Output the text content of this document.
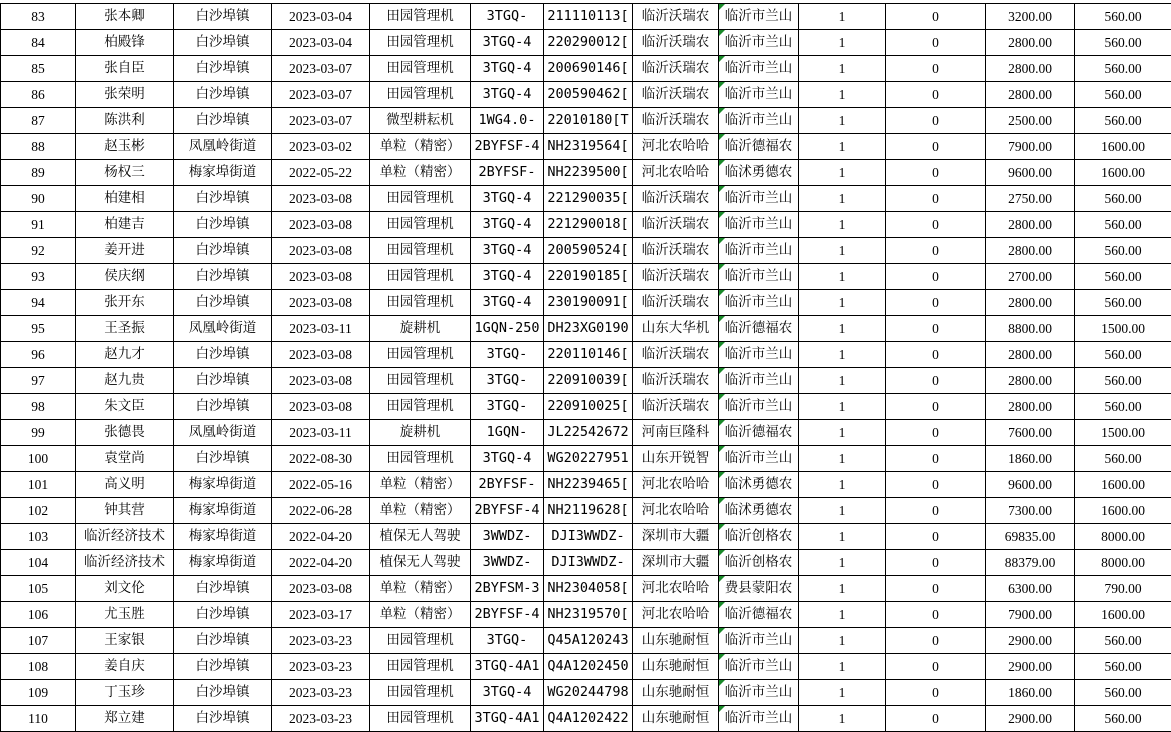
83	张本卿	白沙埠镇	2023-03-04	田园管理机	3TGQ-	211110113[	临沂沃瑞农	临沂市兰山	1	0	3200.00	560.00
84	柏殿锋	白沙埠镇	2023-03-04	田园管理机	3TGQ-4	220290012[	临沂沃瑞农	临沂市兰山	1	0	2800.00	560.00
85	张自臣	白沙埠镇	2023-03-07	田园管理机	3TGQ-4	200690146[	临沂沃瑞农	临沂市兰山	1	0	2800.00	560.00
86	张荣明	白沙埠镇	2023-03-07	田园管理机	3TGQ-4	200590462[	临沂沃瑞农	临沂市兰山	1	0	2800.00	560.00
87	陈洪利	白沙埠镇	2023-03-07	微型耕耘机	1WG4.0-	22010180[T	临沂沃瑞农	临沂市兰山	1	0	2500.00	560.00
88	赵玉彬	凤凰岭街道	2023-03-02	单粒（精密）	2BYFSF-4	NH2319564[	河北农哈哈	临沂德福农	1	0	7900.00	1600.00
89	杨权三	梅家埠街道	2022-05-22	单粒（精密）	2BYFSF-	NH2239500[	河北农哈哈	临沭勇德农	1	0	9600.00	1600.00
90	柏建相	白沙埠镇	2023-03-08	田园管理机	3TGQ-4	221290035[	临沂沃瑞农	临沂市兰山	1	0	2750.00	560.00
91	柏建吉	白沙埠镇	2023-03-08	田园管理机	3TGQ-4	221290018[	临沂沃瑞农	临沂市兰山	1	0	2800.00	560.00
92	姜开进	白沙埠镇	2023-03-08	田园管理机	3TGQ-4	200590524[	临沂沃瑞农	临沂市兰山	1	0	2800.00	560.00
93	侯庆纲	白沙埠镇	2023-03-08	田园管理机	3TGQ-4	220190185[	临沂沃瑞农	临沂市兰山	1	0	2700.00	560.00
94	张开东	白沙埠镇	2023-03-08	田园管理机	3TGQ-4	230190091[	临沂沃瑞农	临沂市兰山	1	0	2800.00	560.00
95	王圣振	凤凰岭街道	2023-03-11	旋耕机	1GQN-250	DH23XG0190	山东大华机	临沂德福农	1	0	8800.00	1500.00
96	赵九才	白沙埠镇	2023-03-08	田园管理机	3TGQ-	220110146[	临沂沃瑞农	临沂市兰山	1	0	2800.00	560.00
97	赵九贵	白沙埠镇	2023-03-08	田园管理机	3TGQ-	220910039[	临沂沃瑞农	临沂市兰山	1	0	2800.00	560.00
98	朱文臣	白沙埠镇	2023-03-08	田园管理机	3TGQ-	220910025[	临沂沃瑞农	临沂市兰山	1	0	2800.00	560.00
99	张德畏	凤凰岭街道	2023-03-11	旋耕机	1GQN-	JL22542672	河南巨隆科	临沂德福农	1	0	7600.00	1500.00
100	袁堂尚	白沙埠镇	2022-08-30	田园管理机	3TGQ-4	WG20227951	山东开锐智	临沂市兰山	1	0	1860.00	560.00
101	高义明	梅家埠街道	2022-05-16	单粒（精密）	2BYFSF-	NH2239465[	河北农哈哈	临沭勇德农	1	0	9600.00	1600.00
102	钟其营	梅家埠街道	2022-06-28	单粒（精密）	2BYFSF-4	NH2119628[	河北农哈哈	临沭勇德农	1	0	7300.00	1600.00
103	临沂经济技术	梅家埠街道	2022-04-20	植保无人驾驶	3WWDZ-	DJI3WWDZ-	深圳市大疆	临沂创格农	1	0	69835.00	8000.00
104	临沂经济技术	梅家埠街道	2022-04-20	植保无人驾驶	3WWDZ-	DJI3WWDZ-	深圳市大疆	临沂创格农	1	0	88379.00	8000.00
105	刘文伦	白沙埠镇	2023-03-08	单粒（精密）	2BYFSM-3	NH2304058[	河北农哈哈	费县蒙阳农	1	0	6300.00	790.00
106	尤玉胜	白沙埠镇	2023-03-17	单粒（精密）	2BYFSF-4	NH2319570[	河北农哈哈	临沂德福农	1	0	7900.00	1600.00
107	王家银	白沙埠镇	2023-03-23	田园管理机	3TGQ-	Q45A120243	山东驰耐恒	临沂市兰山	1	0	2900.00	560.00
108	姜自庆	白沙埠镇	2023-03-23	田园管理机	3TGQ-4A1	Q4A1202450	山东驰耐恒	临沂市兰山	1	0	2900.00	560.00
109	丁玉珍	白沙埠镇	2023-03-23	田园管理机	3TGQ-4	WG20244798	山东驰耐恒	临沂市兰山	1	0	1860.00	560.00
110	郑立建	白沙埠镇	2023-03-23	田园管理机	3TGQ-4A1	Q4A1202422	山东驰耐恒	临沂市兰山	1	0	2900.00	560.00
